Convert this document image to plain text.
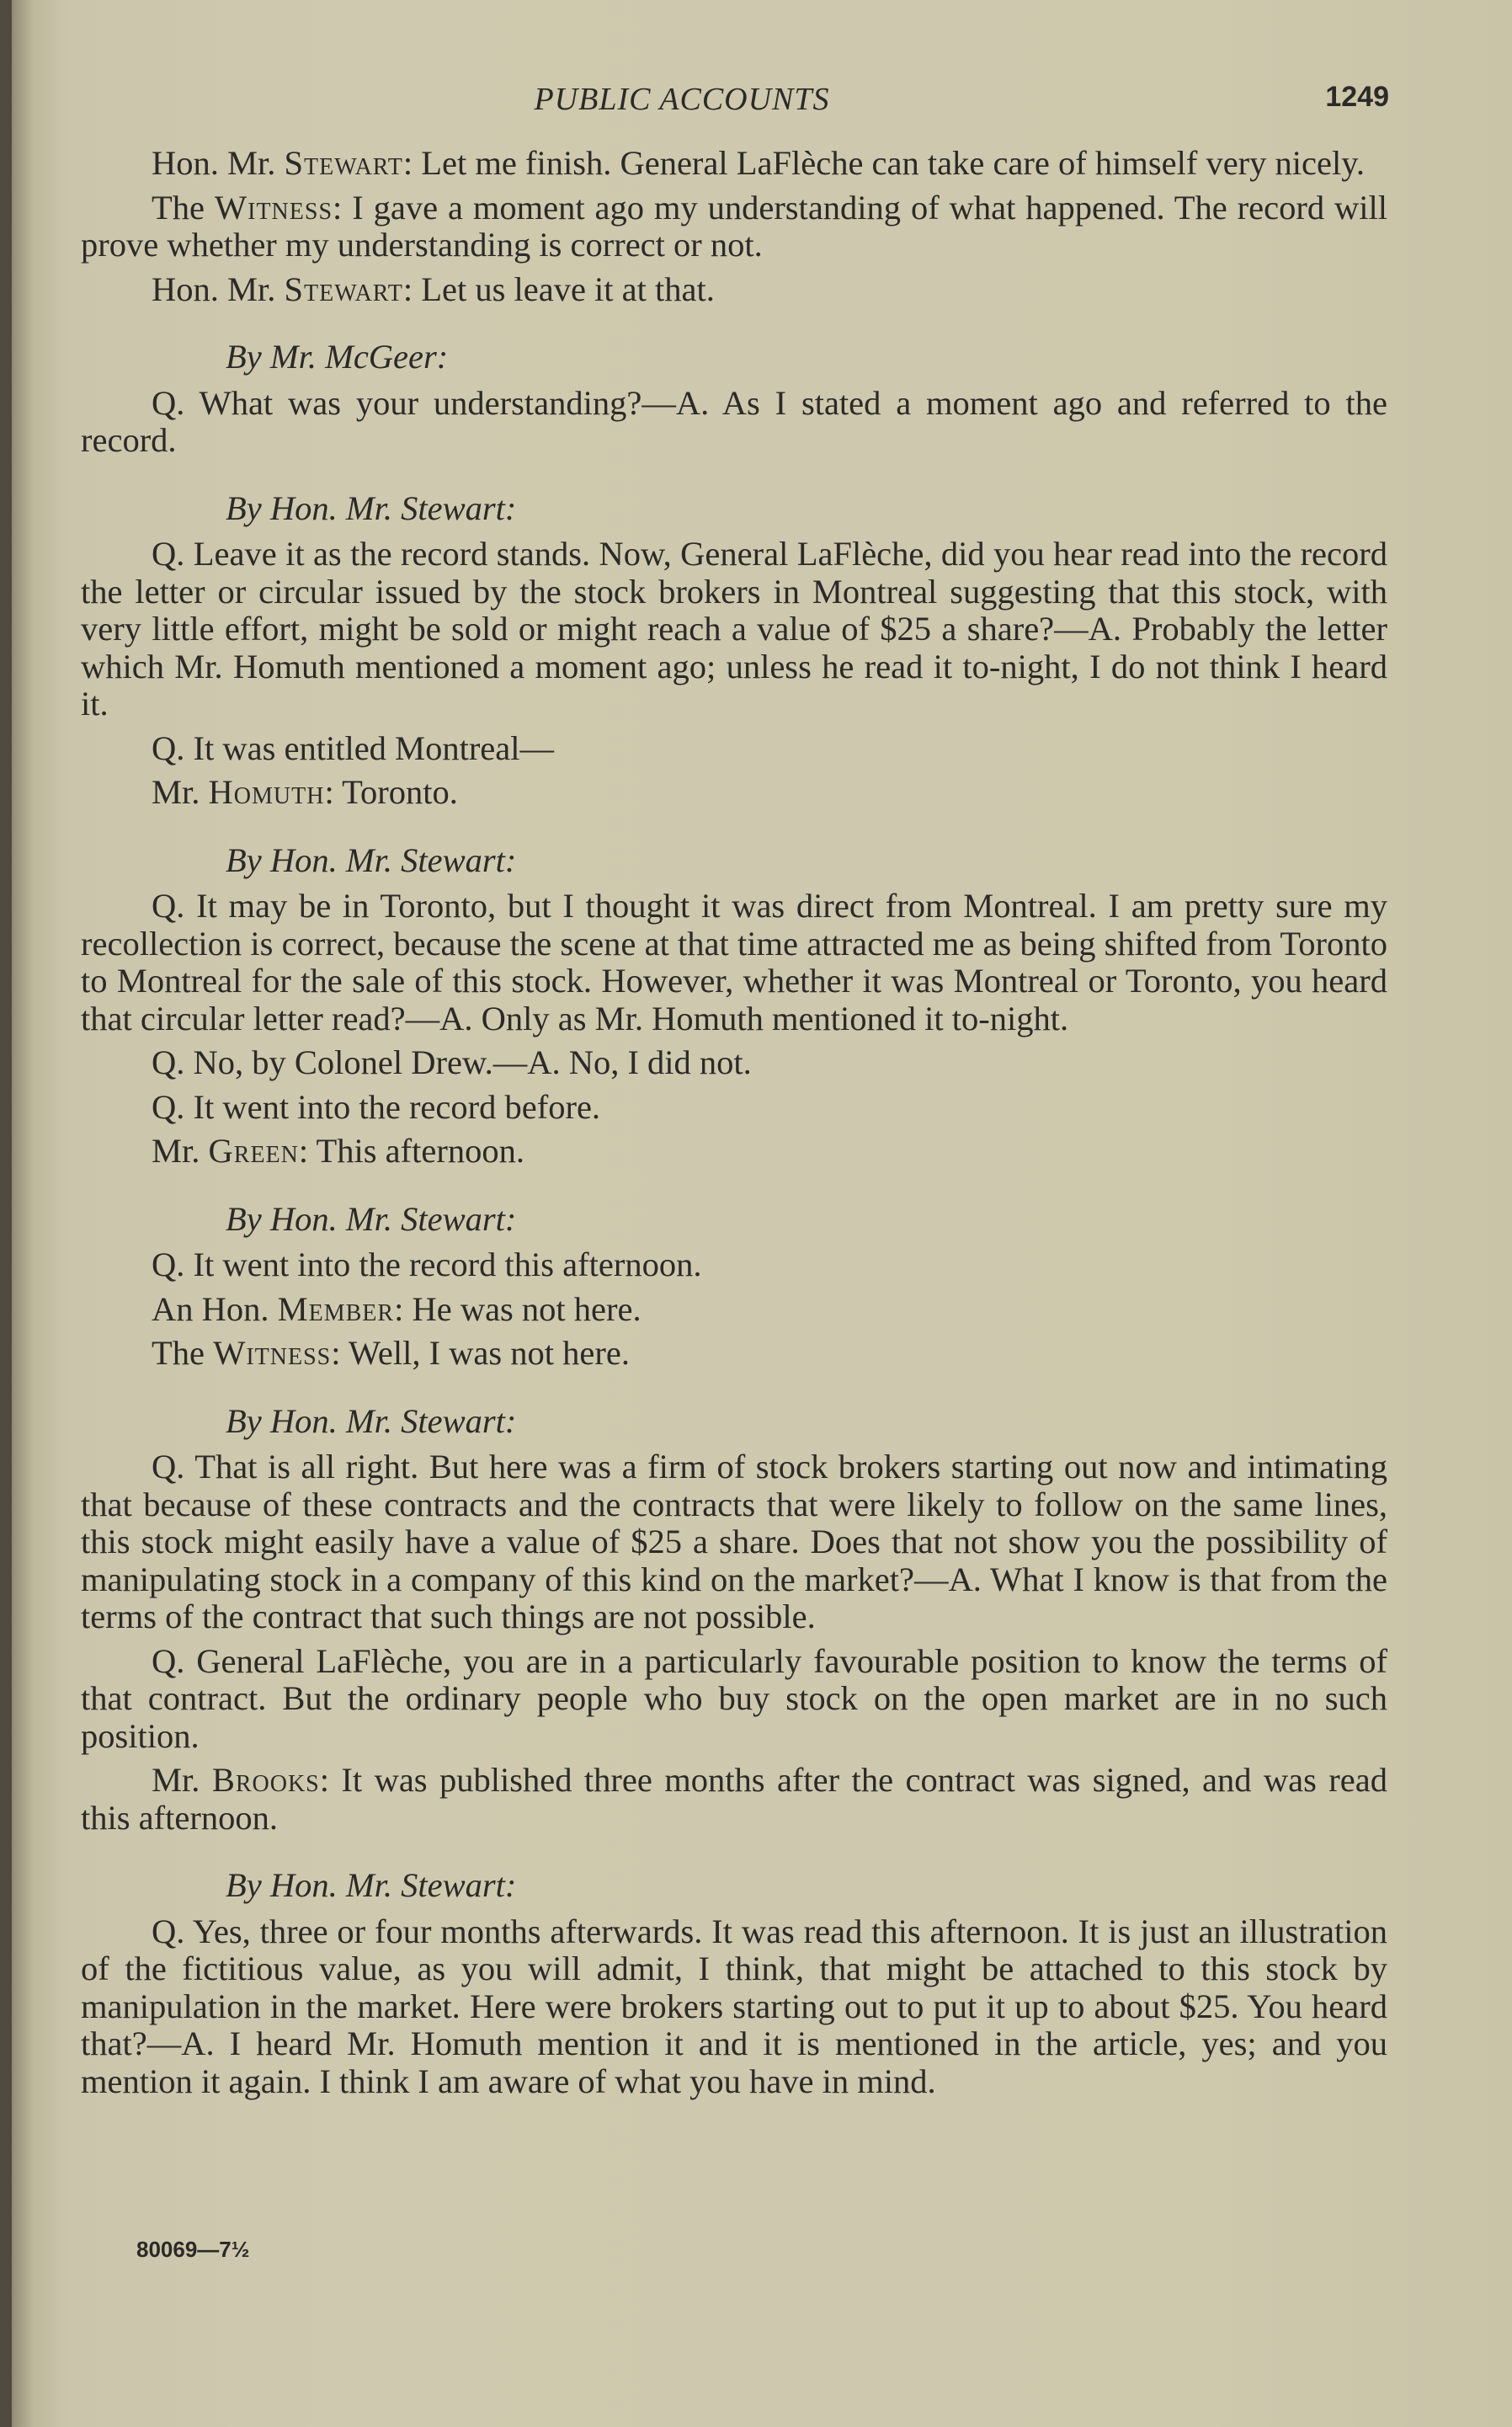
PUBLIC ACCOUNTS	1249

Hon. Mr. Stewart: Let me finish. General LaFlèche can take care of himself very nicely.

The Witness: I gave a moment ago my understanding of what happened. The record will prove whether my understanding is correct or not.

Hon. Mr. Stewart: Let us leave it at that.

By Mr. McGeer:

Q. What was your understanding?—A. As I stated a moment ago and referred to the record.

By Hon. Mr. Stewart:

Q. Leave it as the record stands. Now, General LaFlèche, did you hear read into the record the letter or circular issued by the stock brokers in Montreal suggesting that this stock, with very little effort, might be sold or might reach a value of $25 a share?—A. Probably the letter which Mr. Homuth mentioned a moment ago; unless he read it to-night, I do not think I heard it.

Q. It was entitled Montreal—

Mr. Homuth: Toronto.

By Hon. Mr. Stewart:

Q. It may be in Toronto, but I thought it was direct from Montreal. I am pretty sure my recollection is correct, because the scene at that time attracted me as being shifted from Toronto to Montreal for the sale of this stock. However, whether it was Montreal or Toronto, you heard that circular letter read?—A. Only as Mr. Homuth mentioned it to-night.

Q. No, by Colonel Drew.—A. No, I did not.

Q. It went into the record before.

Mr. Green: This afternoon.

By Hon. Mr. Stewart:

Q. It went into the record this afternoon.

An Hon. Member: He was not here.

The Witness: Well, I was not here.

By Hon. Mr. Stewart:

Q. That is all right. But here was a firm of stock brokers starting out now and intimating that because of these contracts and the contracts that were likely to follow on the same lines, this stock might easily have a value of $25 a share. Does that not show you the possibility of manipulating stock in a company of this kind on the market?—A. What I know is that from the terms of the contract that such things are not possible.

Q. General LaFlèche, you are in a particularly favourable position to know the terms of that contract. But the ordinary people who buy stock on the open market are in no such position.

Mr. Brooks: It was published three months after the contract was signed, and was read this afternoon.

By Hon. Mr. Stewart:

Q. Yes, three or four months afterwards. It was read this afternoon. It is just an illustration of the fictitious value, as you will admit, I think, that might be attached to this stock by manipulation in the market. Here were brokers starting out to put it up to about $25. You heard that?—A. I heard Mr. Homuth mention it and it is mentioned in the article, yes; and you mention it again. I think I am aware of what you have in mind.

80069—7½
